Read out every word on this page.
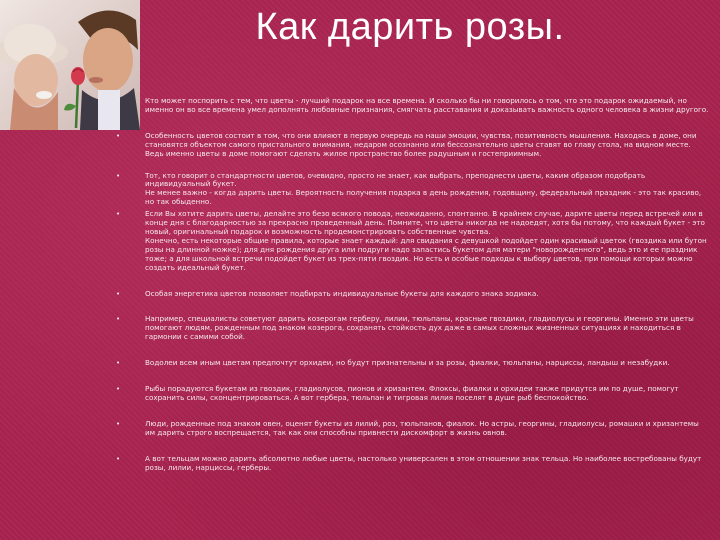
Как дарить розы.
•	Кто может поспорить с тем, что цветы - лучший подарок на все времена. И сколько бы ни говорилось о том, что это подарок ожидаемый, но именно он во все времена умел дополнять любовные признания, смягчать расставания и доказывать важность одного человека в жизни другого.
•	Особенность цветов состоит в том, что они влияют в первую очередь на наши эмоции, чувства, позитивность мышления. Находясь в доме, они становятся объектом самого пристального внимания, недаром осознанно или бессознательно цветы ставят во главу стола, на видном месте. Ведь именно цветы в доме помогают сделать жилое пространство более радушным и гостеприимным.
•	Тот, кто говорит о стандартности цветов, очевидно, просто не знает, как выбрать, преподнести цветы, каким образом подобрать индивидуальный букет.
Не менее важно - когда дарить цветы. Вероятность получения подарка в день рождения, годовщину, федеральный праздник - это так красиво, но так обыденно.
•	Если Вы хотите дарить цветы, делайте это безо всякого повода, неожиданно, спонтанно. В крайнем случае, дарите цветы перед встречей или в конце дня с благодарностью за прекрасно проведенный день. Помните, что цветы никогда не надоедят, хотя бы потому, что каждый букет - это новый, оригинальный подарок и возможность продемонстрировать собственные чувства.
Конечно, есть некоторые общие правила, которые знает каждый: для свидания с девушкой подойдет один красивый цветок (гвоздика или бутон розы на длинной ножке); для дня рождения друга или подруги надо запастись букетом для матери "новорожденного", ведь это и ее праздник тоже; а для школьной встречи подойдет букет из трех-пяти гвоздик. Но есть и особые подходы к выбору цветов, при помощи которых можно создать идеальный букет.
•	Особая энергетика цветов позволяет подбирать индивидуальные букеты для каждого знака зодиака.
•	Например, специалисты советуют дарить козерогам герберу, лилии, тюльпаны, красные гвоздики, гладиолусы и георгины. Именно эти цветы помогают людям, рожденным под знаком козерога, сохранять стойкость дух даже в самых сложных жизненных ситуациях и находиться в гармонии с самими собой.
•	Водолеи всем иным цветам предпочтут орхидеи, но будут признательны и за розы, фиалки, тюльпаны, нарциссы, ландыш и незабудки.
•	Рыбы порадуются букетам из гвоздик, гладиолусов, пионов и хризантем. Флоксы, фиалки и орхидеи также придутся им по душе, помогут сохранить силы, сконцентрироваться. А вот гербера, тюльпан и тигровая лилия поселят в душе рыб беспокойство.
•	Люди, рожденные под знаком овен, оценят букеты из лилий, роз, тюльпанов, фиалок. Но астры, георгины, гладиолусы, ромашки и хризантемы им дарить строго воспрещается, так как они способны привнести дискомфорт в жизнь овнов.
•	А вот тельцам можно дарить абсолютно любые цветы, настолько универсален в этом отношении знак тельца. Но наиболее востребованы будут розы, лилии, нарциссы, герберы.
